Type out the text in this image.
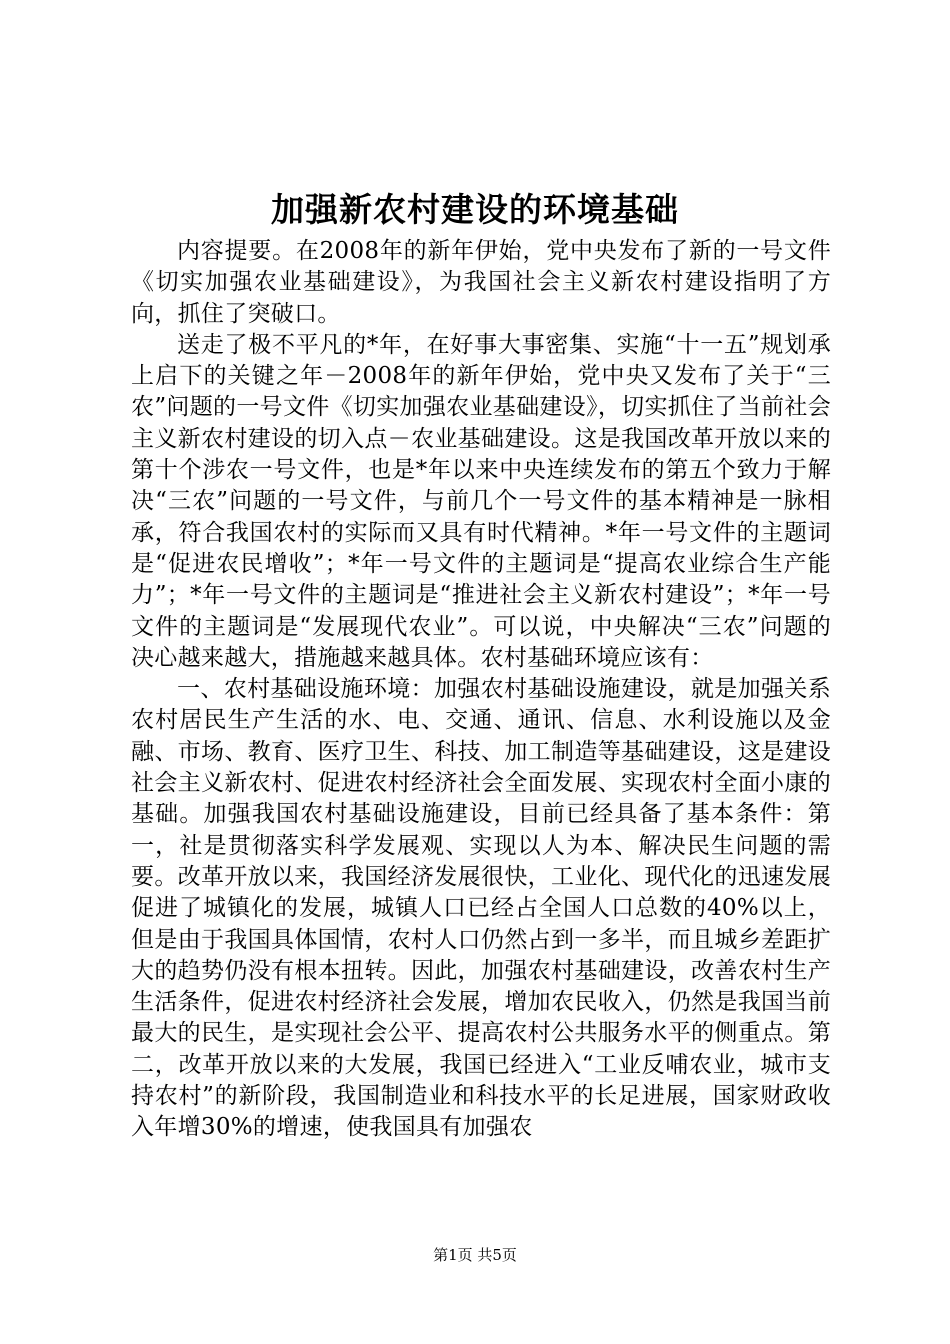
加强新农村建设的环境基础

内容提要。在2008年的新年伊始，党中央发布了新的一号文件《切实加强农业基础建设》，为我国社会主义新农村建设指明了方向，抓住了突破口。

送走了极不平凡的*年，在好事大事密集、实施“十一五”规划承上启下的关键之年－2008年的新年伊始，党中央又发布了关于“三农”问题的一号文件《切实加强农业基础建设》，切实抓住了当前社会主义新农村建设的切入点－农业基础建设。这是我国改革开放以来的第十个涉农一号文件，也是*年以来中央连续发布的第五个致力于解决“三农”问题的一号文件，与前几个一号文件的基本精神是一脉相承，符合我国农村的实际而又具有时代精神。*年一号文件的主题词是“促进农民增收”；*年一号文件的主题词是“提高农业综合生产能力”；*年一号文件的主题词是“推进社会主义新农村建设”；*年一号文件的主题词是“发展现代农业”。可以说，中央解决“三农”问题的决心越来越大，措施越来越具体。农村基础环境应该有：

一、农村基础设施环境：加强农村基础设施建设，就是加强关系农村居民生产生活的水、电、交通、通讯、信息、水利设施以及金融、市场、教育、医疗卫生、科技、加工制造等基础建设，这是建设社会主义新农村、促进农村经济社会全面发展、实现农村全面小康的基础。加强我国农村基础设施建设，目前已经具备了基本条件：第一，社是贯彻落实科学发展观、实现以人为本、解决民生问题的需要。改革开放以来，我国经济发展很快，工业化、现代化的迅速发展促进了城镇化的发展，城镇人口已经占全国人口总数的40%以上，但是由于我国具体国情，农村人口仍然占到一多半，而且城乡差距扩大的趋势仍没有根本扭转。因此，加强农村基础建设，改善农村生产生活条件，促进农村经济社会发展，增加农民收入，仍然是我国当前最大的民生，是实现社会公平、提高农村公共服务水平的侧重点。第二，改革开放以来的大发展，我国已经进入“工业反哺农业，城市支持农村”的新阶段，我国制造业和科技水平的长足进展，国家财政收入年增30%的增速，使我国具有加强农

第1页 共5页
